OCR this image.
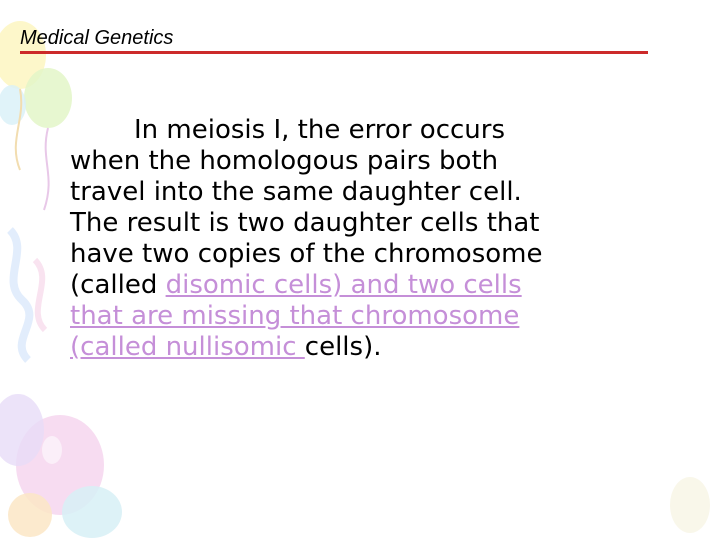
Medical Genetics
In meiosis I, the error occurs
when the homologous pairs both
travel into the same daughter cell.
The result is two daughter cells that
have two copies of the chromosome
(called disomic cells) and two cells
that are missing that chromosome
(called nullisomic cells).
